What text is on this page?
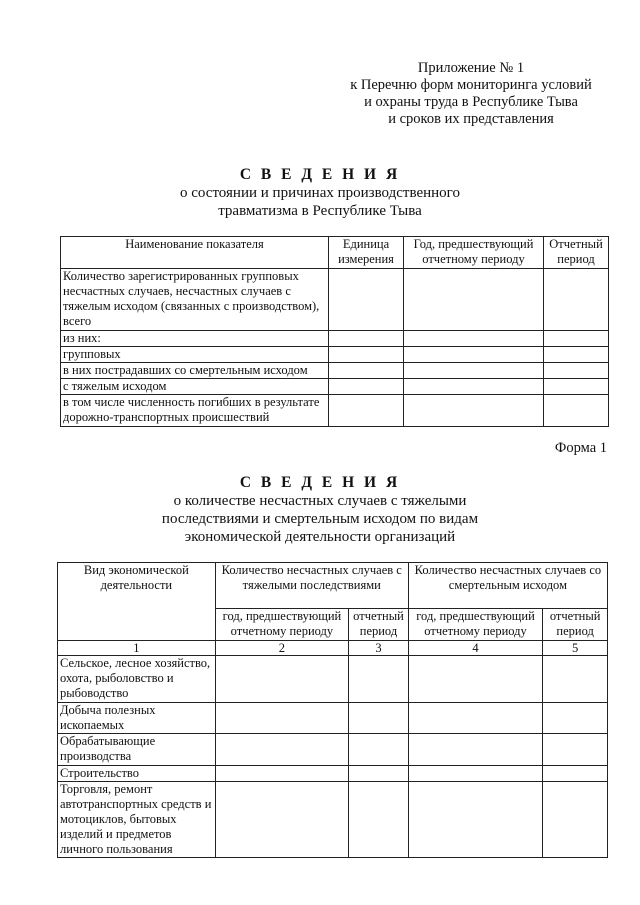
Приложение № 1
к Перечню форм мониторинга условий
и охраны труда в Республике Тыва
и сроков их представления
С В Е Д Е Н И Я
о состоянии и причинах производственного
травматизма в Республике Тыва
Наименование показателя	Единица измерения	Год, предшествующий отчетному периоду	Отчетный период
Количество зарегистрированных групповых несчастных случаев, несчастных случаев с тяжелым исходом (связанных с производством), всего			
из них:			
групповых			
в них пострадавших со смертельным исходом			
с тяжелым исходом			
в том числе численность погибших в результате дорожно-транспортных происшествий			
Форма 1
С В Е Д Е Н И Я
о количестве несчастных случаев с тяжелыми
последствиями и смертельным исходом по видам
экономической деятельности организаций
Вид экономической деятельности	Количество несчастных случаев с тяжелыми последствиями		Количество несчастных случаев со смертельным исходом	
	год, предшествующий отчетному периоду	отчетный период	год, предшествующий отчетному периоду	отчетный период
1	2	3	4	5
Сельское, лесное хозяйство, охота, рыболовство и рыбоводство				
Добыча полезных ископаемых				
Обрабатывающие производства				
Строительство				
Торговля, ремонт автотранспортных средств и мотоциклов, бытовых изделий и предметов личного пользования				
